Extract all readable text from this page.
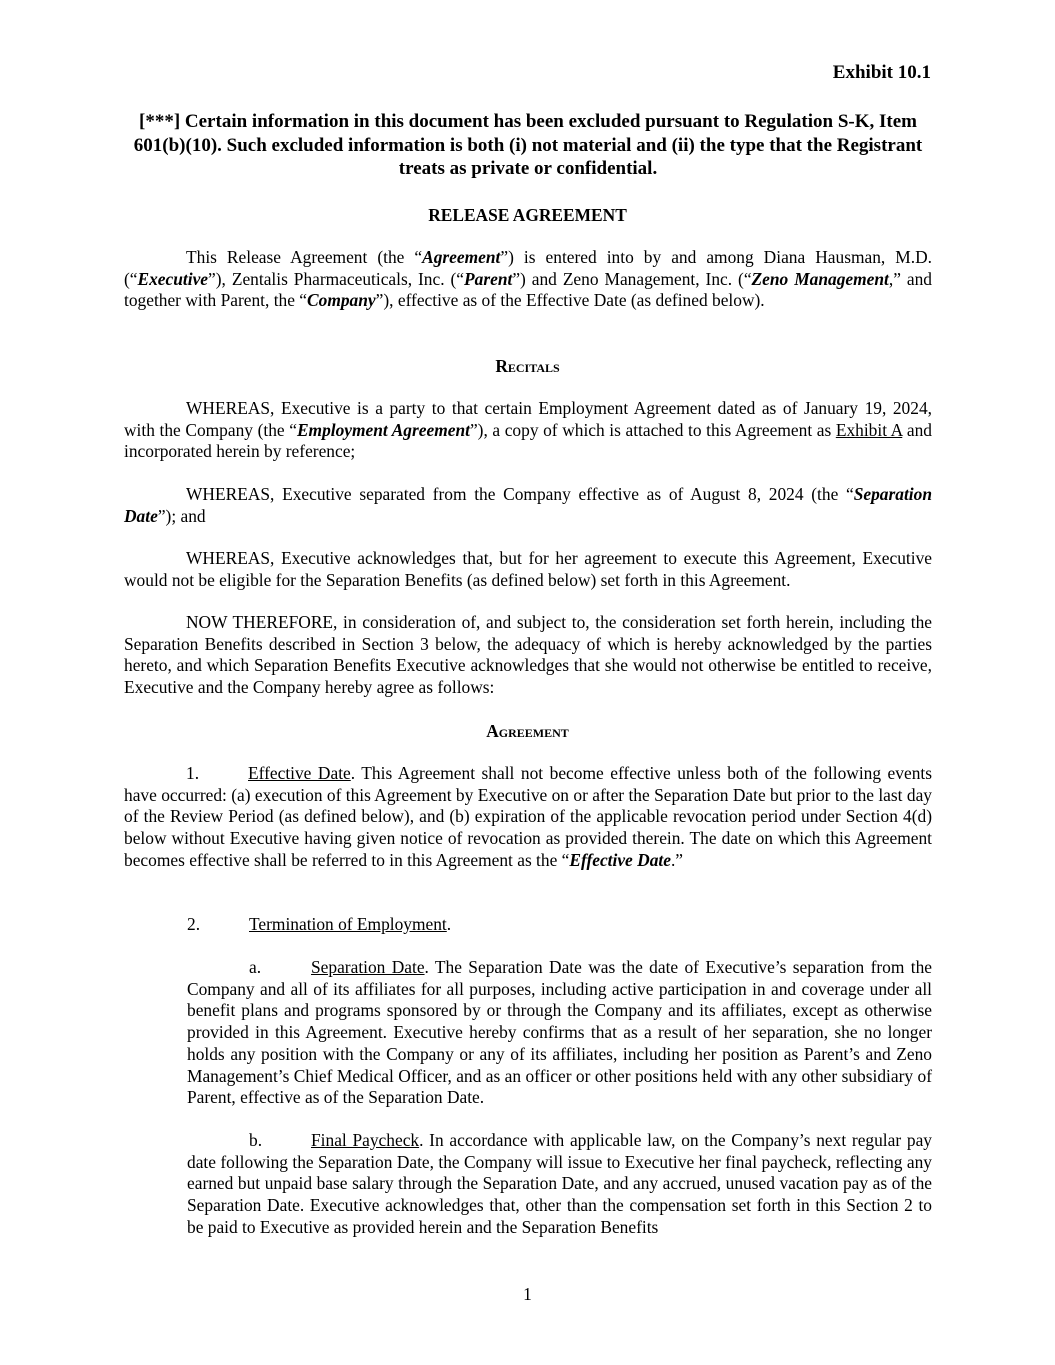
Exhibit 10.1
[***] Certain information in this document has been excluded pursuant to Regulation S-K, Item 601(b)(10). Such excluded information is both (i) not material and (ii) the type that the Registrant treats as private or confidential.
RELEASE AGREEMENT
This Release Agreement (the “Agreement”) is entered into by and among Diana Hausman, M.D. (“Executive”), Zentalis Pharmaceuticals, Inc. (“Parent”) and Zeno Management, Inc. (“Zeno Management,” and together with Parent, the “Company”), effective as of the Effective Date (as defined below).
Recitals
WHEREAS, Executive is a party to that certain Employment Agreement dated as of January 19, 2024, with the Company (the “Employment Agreement”), a copy of which is attached to this Agreement as Exhibit A and incorporated herein by reference;
WHEREAS, Executive separated from the Company effective as of August 8, 2024 (the “Separation Date”); and
WHEREAS, Executive acknowledges that, but for her agreement to execute this Agreement, Executive would not be eligible for the Separation Benefits (as defined below) set forth in this Agreement.
NOW THEREFORE, in consideration of, and subject to, the consideration set forth herein, including the Separation Benefits described in Section 3 below, the adequacy of which is hereby acknowledged by the parties hereto, and which Separation Benefits Executive acknowledges that she would not otherwise be entitled to receive, Executive and the Company hereby agree as follows:
Agreement
1.	Effective Date. This Agreement shall not become effective unless both of the following events have occurred: (a) execution of this Agreement by Executive on or after the Separation Date but prior to the last day of the Review Period (as defined below), and (b) expiration of the applicable revocation period under Section 4(d) below without Executive having given notice of revocation as provided therein. The date on which this Agreement becomes effective shall be referred to in this Agreement as the “Effective Date.”
2.	Termination of Employment.
a.	Separation Date. The Separation Date was the date of Executive’s separation from the Company and all of its affiliates for all purposes, including active participation in and coverage under all benefit plans and programs sponsored by or through the Company and its affiliates, except as otherwise provided in this Agreement. Executive hereby confirms that as a result of her separation, she no longer holds any position with the Company or any of its affiliates, including her position as Parent’s and Zeno Management’s Chief Medical Officer, and as an officer or other positions held with any other subsidiary of Parent, effective as of the Separation Date.
b.	Final Paycheck. In accordance with applicable law, on the Company’s next regular pay date following the Separation Date, the Company will issue to Executive her final paycheck, reflecting any earned but unpaid base salary through the Separation Date, and any accrued, unused vacation pay as of the Separation Date. Executive acknowledges that, other than the compensation set forth in this Section 2 to be paid to Executive as provided herein and the Separation Benefits
1
